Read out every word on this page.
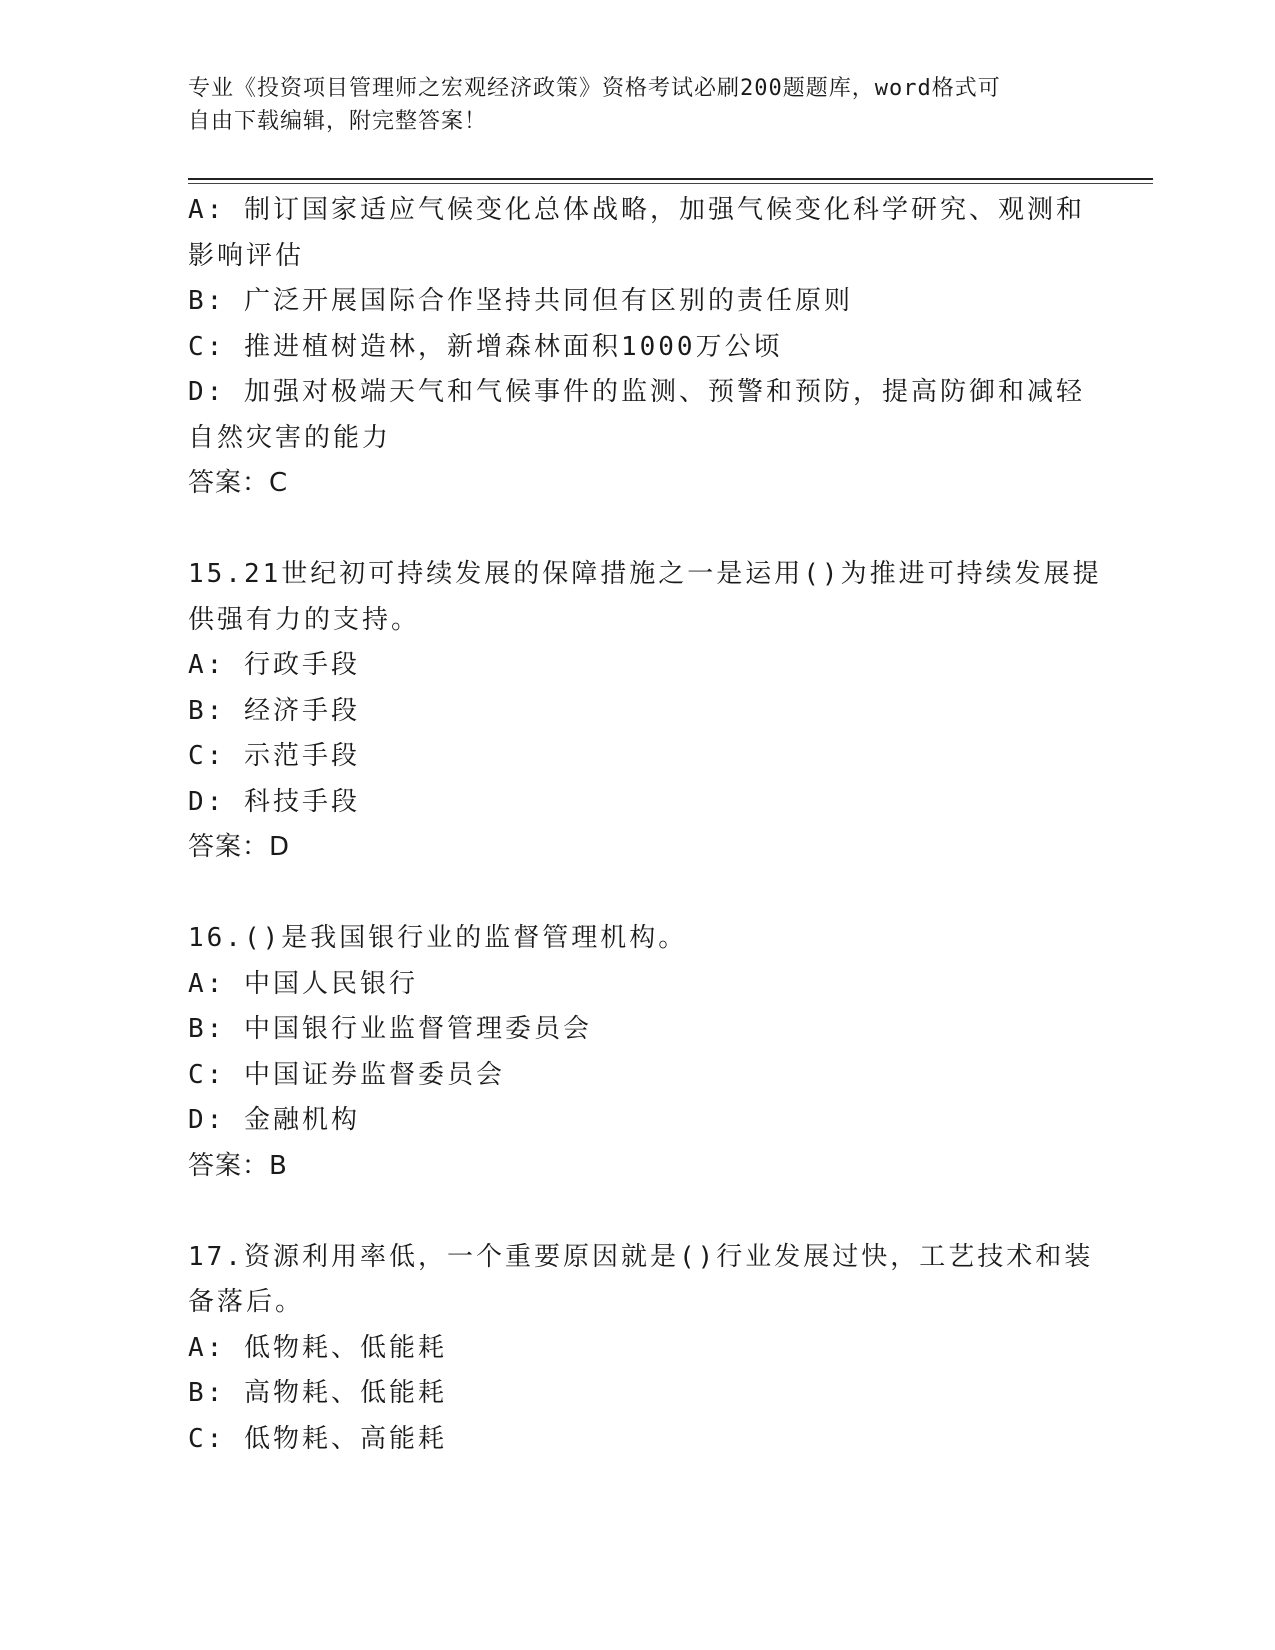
专业《投资项目管理师之宏观经济政策》资格考试必刷200题题库，word格式可

自由下载编辑，附完整答案！

A: 制订国家适应气候变化总体战略，加强气候变化科学研究、观测和

影响评估

B: 广泛开展国际合作坚持共同但有区别的责任原则

C: 推进植树造林，新增森林面积1000万公顷

D: 加强对极端天气和气候事件的监测、预警和预防，提高防御和减轻

自然灾害的能力

答案：C

15.21世纪初可持续发展的保障措施之一是运用()为推进可持续发展提

供强有力的支持。

A: 行政手段

B: 经济手段

C: 示范手段

D: 科技手段

答案：D

16.()是我国银行业的监督管理机构。

A: 中国人民银行

B: 中国银行业监督管理委员会

C: 中国证券监督委员会

D: 金融机构

答案：B

17.资源利用率低，一个重要原因就是()行业发展过快，工艺技术和装

备落后。

A: 低物耗、低能耗

B: 高物耗、低能耗

C: 低物耗、高能耗
